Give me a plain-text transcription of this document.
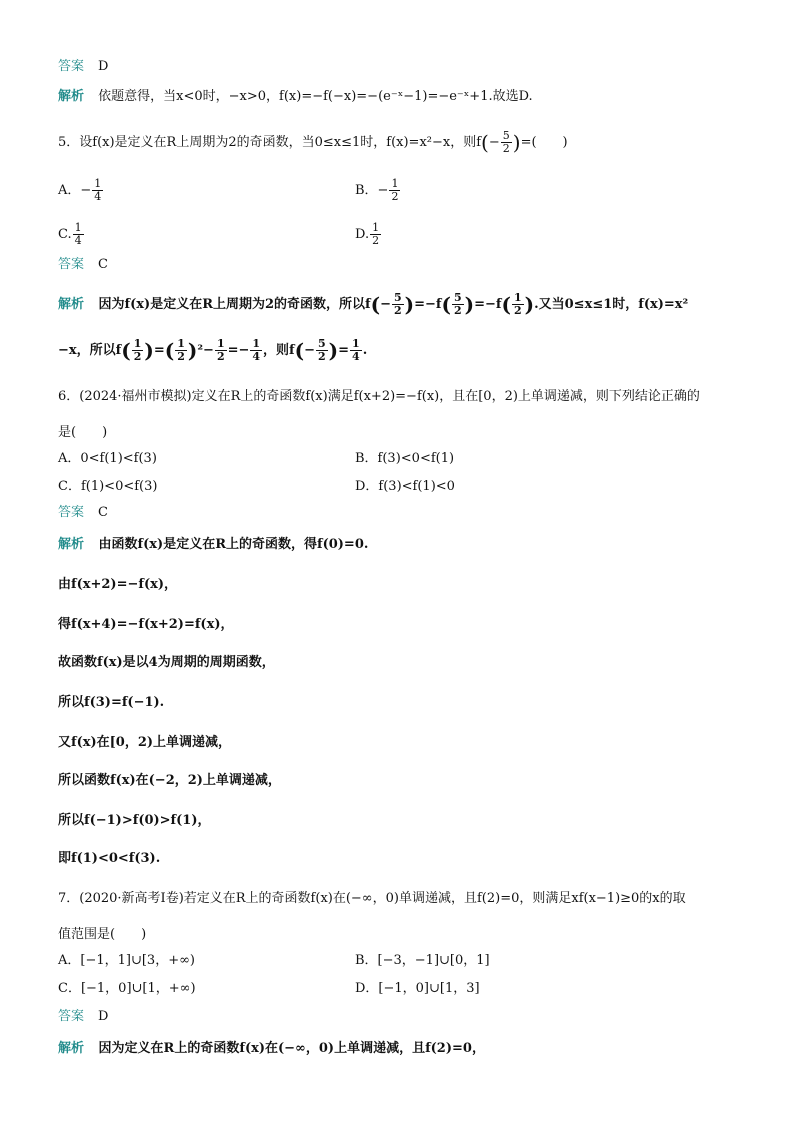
答案 D
解析 依题意得，当x<0时，−x>0，f(x)=−f(−x)=−(e⁻ˣ−1)=−e⁻ˣ+1.故选D.
5．设f(x)是定义在R上周期为2的奇函数，当0≤x≤1时，f(x)=x²−x，则$f(- \frac{5}{2}$ )=(　　)
A．− $\frac{1}{4}$	B．− $\frac{1}{2}$
C. $\frac{1}{4}$	D. $\frac{1}{2}$
答案 C
解析 因为f(x)是定义在R上周期为2的奇函数，所以$f(- \frac{5}{2} )=-f( \frac{5}{2} )=-f( \frac{1}{2}$ ).又当0≤x≤1时，f(x)=x²
−x，所以$f( \frac{1}{2}$ )=( $\frac{1}{2} )^2- \frac{1}{2} =- \frac{1}{4}$ ，则$f(- \frac{5}{2}$ )= $\frac{1}{4}$ .
6．(2024·福州市模拟)定义在R上的奇函数f(x)满足f(x+2)=−f(x)，且在[0，2)上单调递减，则下列结论正确的
是(　　)
A．0<f(1)<f(3)	B．f(3)<0<f(1)
C．f(1)<0<f(3)	D．f(3)<f(1)<0
答案 C
解析 由函数f(x)是定义在R上的奇函数，得f(0)=0.
由f(x+2)=−f(x)，
得f(x+4)=−f(x+2)=f(x)，
故函数f(x)是以4为周期的周期函数，
所以f(3)=f(−1).
又f(x)在[0，2)上单调递减，
所以函数f(x)在(−2，2)上单调递减，
所以f(−1)>f(0)>f(1)，
即f(1)<0<f(3).
7．(2020·新高考Ⅰ卷)若定义在R上的奇函数f(x)在(−∞，0)单调递减，且f(2)=0，则满足xf(x−1)≥0的x的取
值范围是(　　)
A．[−1，1]∪[3，+∞)	B．[−3，−1]∪[0，1]
C．[−1，0]∪[1，+∞)	D．[−1，0]∪[1，3]
答案 D
解析 因为定义在R上的奇函数f(x)在(−∞，0)上单调递减，且f(2)=0，
